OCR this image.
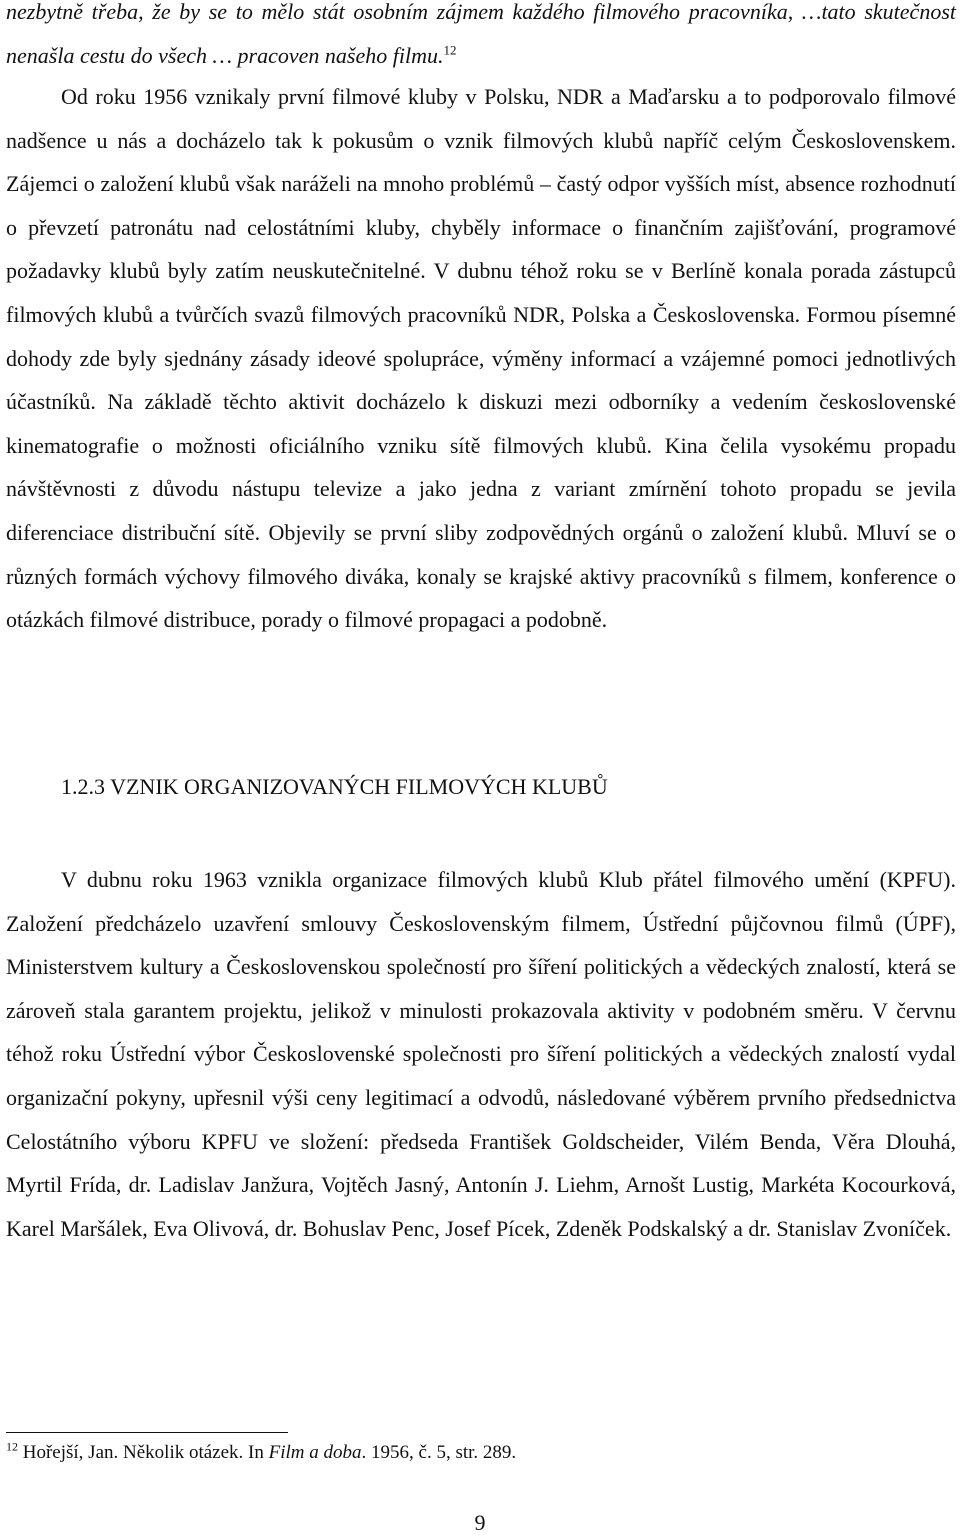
nezbytně třeba, že by se to mělo stát osobním zájmem každého filmového pracovníka, …tato skutečnost nenašla cestu do všech … pracoven našeho filmu.$^{12}$

Od roku 1956 vznikaly první filmové kluby v Polsku, NDR a Maďarsku a to podporovalo filmové nadšence u nás a docházelo tak k pokusům o vznik filmových klubů napříč celým Československem. Zájemci o založení klubů však naráželi na mnoho problémů – častý odpor vyšších míst, absence rozhodnutí o převzetí patronátu nad celostátními kluby, chyběly informace o finančním zajišťování, programové požadavky klubů byly zatím neuskutečnitelné. V dubnu téhož roku se v Berlíně konala porada zástupců filmových klubů a tvůrčích svazů filmových pracovníků NDR, Polska a Československa. Formou písemné dohody zde byly sjednány zásady ideové spolupráce, výměny informací a vzájemné pomoci jednotlivých účastníků. Na základě těchto aktivit docházelo k diskuzi mezi odborníky a vedením československé kinematografie o možnosti oficiálního vzniku sítě filmových klubů. Kina čelila vysokému propadu návštěvnosti z důvodu nástupu televize a jako jedna z variant zmírnění tohoto propadu se jevila diferenciace distribuční sítě. Objevily se první sliby zodpovědných orgánů o založení klubů. Mluví se o různých formách výchovy filmového diváka, konaly se krajské aktivy pracovníků s filmem, konference o otázkách filmové distribuce, porady o filmové propagaci a podobně.

1.2.3 VZNIK ORGANIZOVANÝCH FILMOVÝCH KLUBŮ

V dubnu roku 1963 vznikla organizace filmových klubů Klub přátel filmového umění (KPFU). Založení předcházelo uzavření smlouvy Československým filmem, Ústřední půjčovnou filmů (ÚPF), Ministerstvem kultury a Československou společností pro šíření politických a vědeckých znalostí, která se zároveň stala garantem projektu, jelikož v minulosti prokazovala aktivity v podobném směru. V červnu téhož roku Ústřední výbor Československé společnosti pro šíření politických a vědeckých znalostí vydal organizační pokyny, upřesnil výši ceny legitimací a odvodů, následované výběrem prvního předsednictva Celostátního výboru KPFU ve složení: předseda František Goldscheider, Vilém Benda, Věra Dlouhá, Myrtil Frída, dr. Ladislav Janžura, Vojtěch Jasný, Antonín J. Liehm, Arnošt Lustig, Markéta Kocourková, Karel Maršálek, Eva Olivová, dr. Bohuslav Penc, Josef Pícek, Zdeněk Podskalský a dr. Stanislav Zvoníček.

$^{12}$ Hořejší, Jan. Několik otázek. In Film a doba. 1956, č. 5, str. 289.

9
